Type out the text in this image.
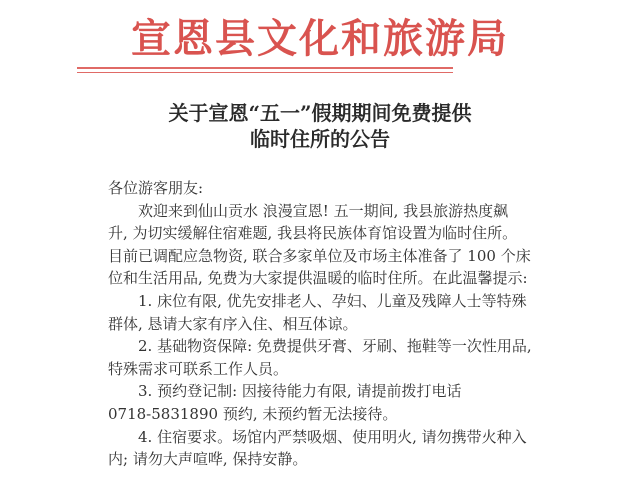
宣恩县文化和旅游局
关于宣恩“五一”假期期间免费提供
临时住所的公告

各位游客朋友:

欢迎来到仙山贡水 浪漫宣恩! 五一期间, 我县旅游热度飙

升, 为切实缓解住宿难题, 我县将民族体育馆设置为临时住所。

目前已调配应急物资, 联合多家单位及市场主体准备了 100 个床

位和生活用品, 免费为大家提供温暖的临时住所。在此温馨提示:

1. 床位有限, 优先安排老人、孕妇、儿童及残障人士等特殊

群体, 恳请大家有序入住、相互体谅。

2. 基础物资保障: 免费提供牙膏、牙刷、拖鞋等一次性用品,

特殊需求可联系工作人员。

3. 预约登记制: 因接待能力有限, 请提前拨打电话

0718-5831890 预约, 未预约暂无法接待。

4. 住宿要求。场馆内严禁吸烟、使用明火, 请勿携带火种入

内; 请勿大声喧哗, 保持安静。
